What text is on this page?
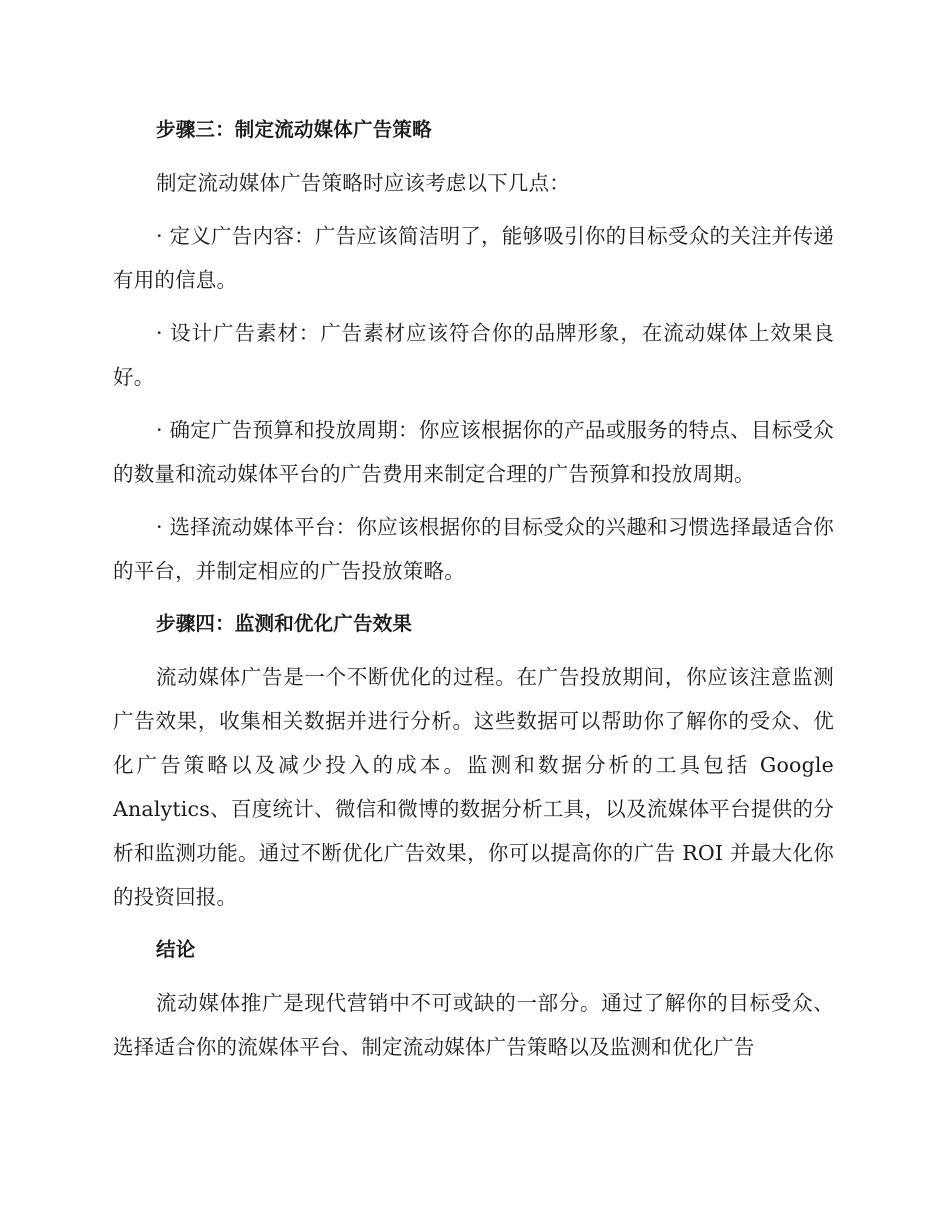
步骤三：制定流动媒体广告策略
制定流动媒体广告策略时应该考虑以下几点：
· 定义广告内容：广告应该简洁明了，能够吸引你的目标受众的关注并传递有用的信息。
· 设计广告素材：广告素材应该符合你的品牌形象，在流动媒体上效果良好。
· 确定广告预算和投放周期：你应该根据你的产品或服务的特点、目标受众的数量和流动媒体平台的广告费用来制定合理的广告预算和投放周期。
· 选择流动媒体平台：你应该根据你的目标受众的兴趣和习惯选择最适合你的平台，并制定相应的广告投放策略。
步骤四：监测和优化广告效果
流动媒体广告是一个不断优化的过程。在广告投放期间，你应该注意监测广告效果，收集相关数据并进行分析。这些数据可以帮助你了解你的受众、优化广告策略以及减少投入的成本。监测和数据分析的工具包括 Google Analytics、百度统计、微信和微博的数据分析工具，以及流媒体平台提供的分析和监测功能。通过不断优化广告效果，你可以提高你的广告 ROI 并最大化你的投资回报。
结论
流动媒体推广是现代营销中不可或缺的一部分。通过了解你的目标受众、选择适合你的流媒体平台、制定流动媒体广告策略以及监测和优化广告
